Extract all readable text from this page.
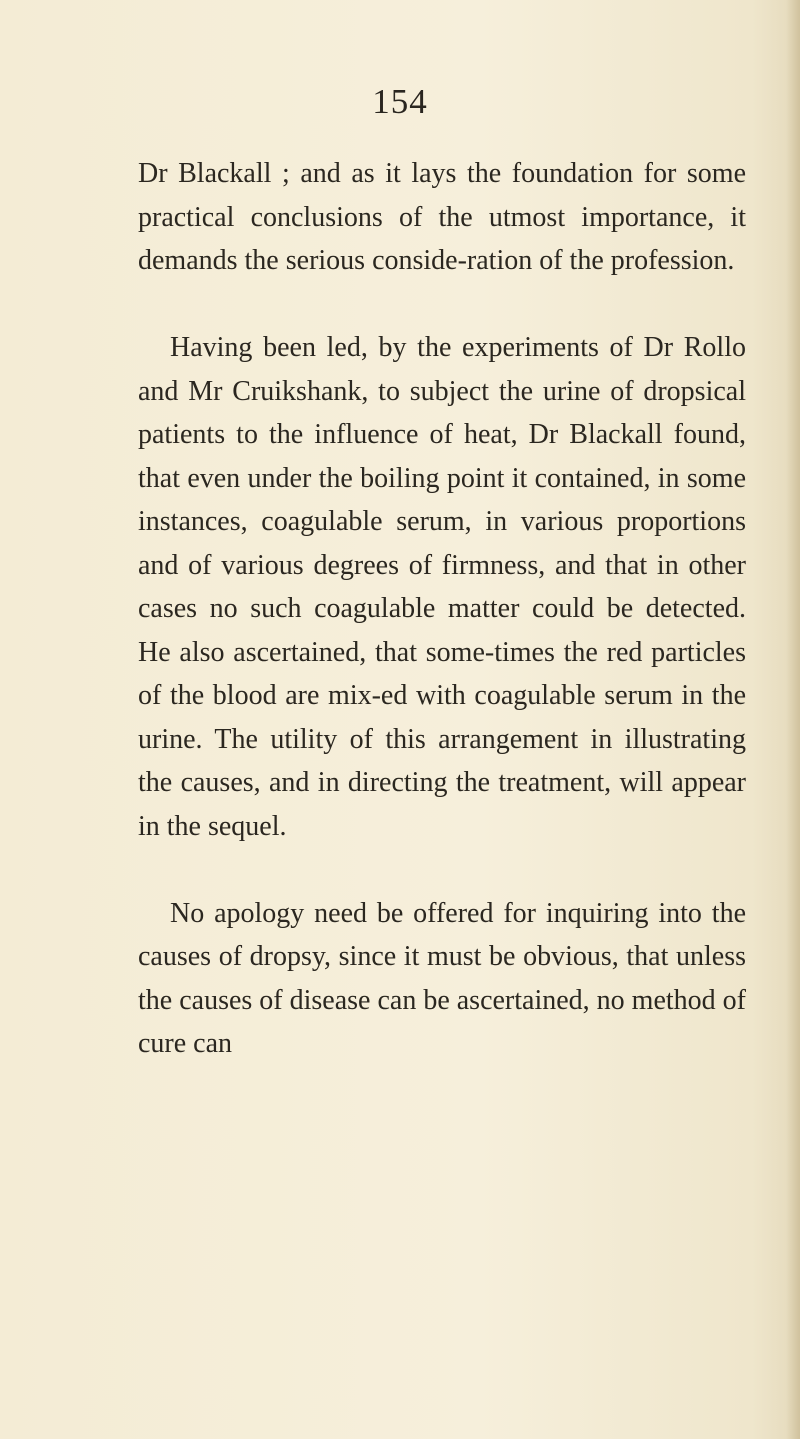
154

Dr Blackall ; and as it lays the foundation for some practical conclusions of the utmost importance, it demands the serious conside-ration of the profession.

Having been led, by the experiments of Dr Rollo and Mr Cruikshank, to subject the urine of dropsical patients to the influence of heat, Dr Blackall found, that even under the boiling point it contained, in some instances, coagulable serum, in various proportions and of various degrees of firmness, and that in other cases no such coagulable matter could be detected. He also ascertained, that some-times the red particles of the blood are mix-ed with coagulable serum in the urine. The utility of this arrangement in illustrating the causes, and in directing the treatment, will appear in the sequel.

No apology need be offered for inquiring into the causes of dropsy, since it must be obvious, that unless the causes of disease can be ascertained, no method of cure can
